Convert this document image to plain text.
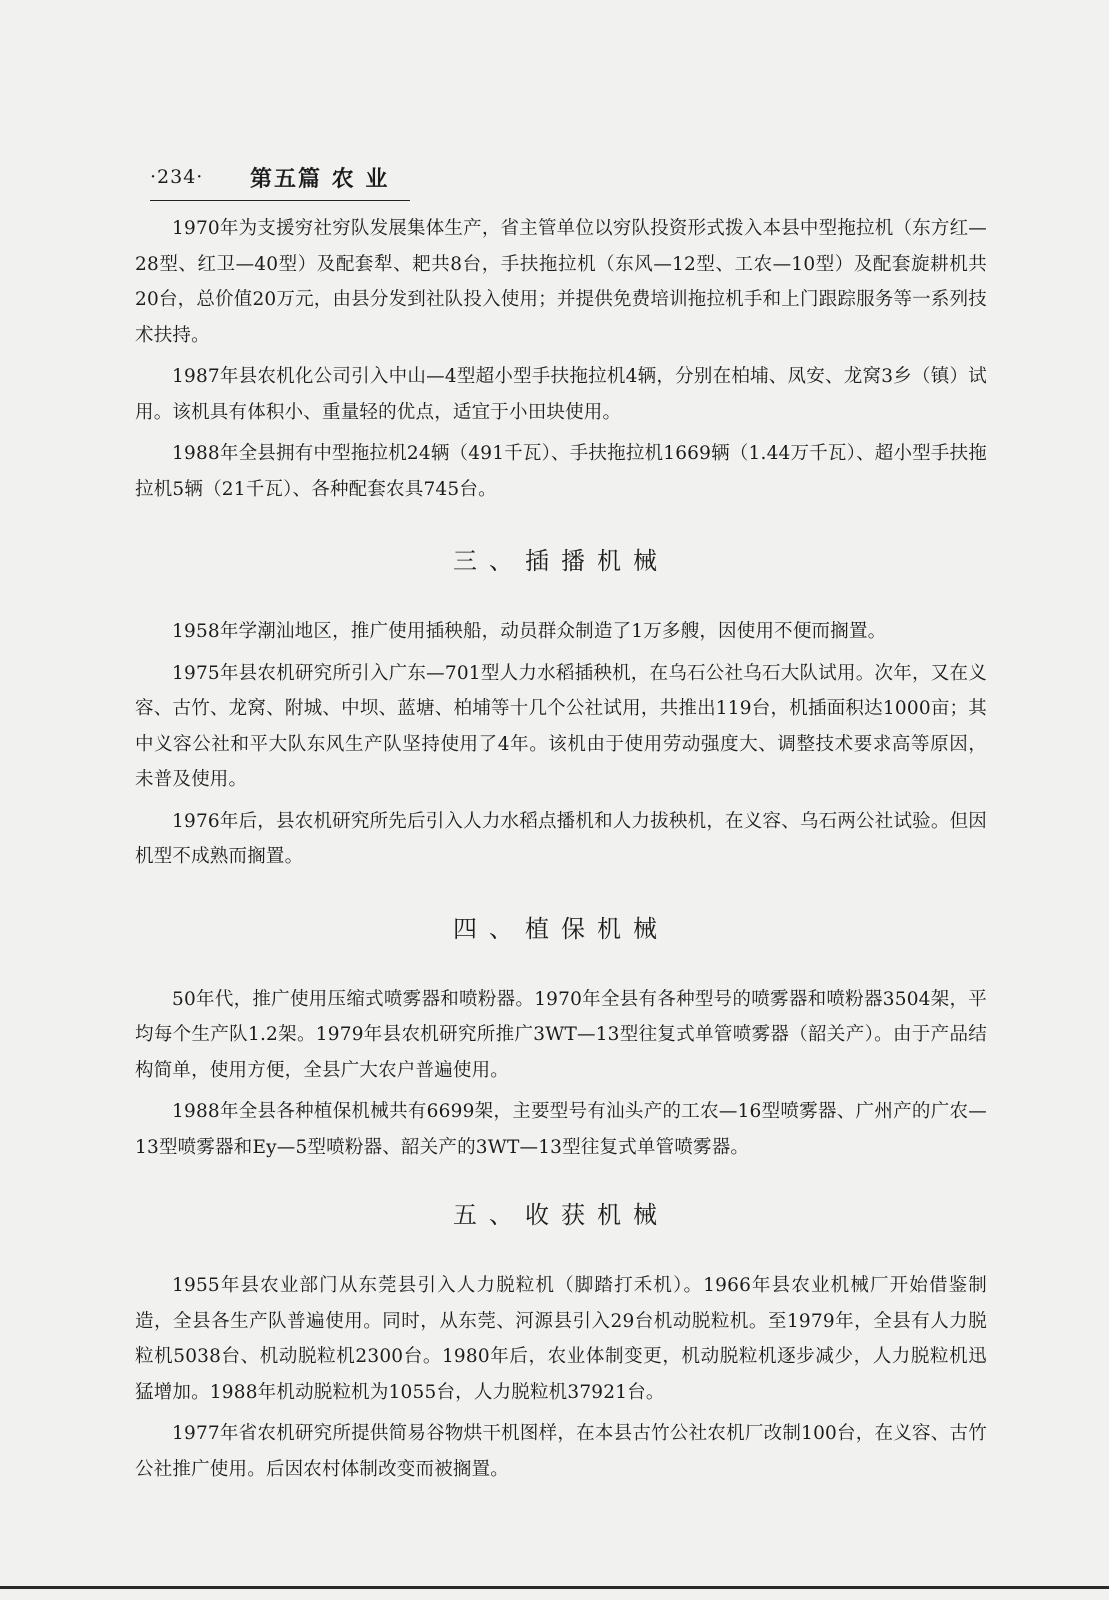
·234· 第五篇 农 业

1970年为支援穷社穷队发展集体生产，省主管单位以穷队投资形式拨入本县中型拖拉机（东方红—28型、红卫—40型）及配套犁、耙共8台，手扶拖拉机（东风—12型、工农—10型）及配套旋耕机共20台，总价值20万元，由县分发到社队投入使用；并提供免费培训拖拉机手和上门跟踪服务等一系列技术扶持。

1987年县农机化公司引入中山—4型超小型手扶拖拉机4辆，分别在柏埔、凤安、龙窝3乡（镇）试用。该机具有体积小、重量轻的优点，适宜于小田块使用。

1988年全县拥有中型拖拉机24辆（491千瓦）、手扶拖拉机1669辆（1.44万千瓦）、超小型手扶拖拉机5辆（21千瓦）、各种配套农具745台。

三、插播机械

1958年学潮汕地区，推广使用插秧船，动员群众制造了1万多艘，因使用不便而搁置。

1975年县农机研究所引入广东—701型人力水稻插秧机，在乌石公社乌石大队试用。次年，又在义容、古竹、龙窝、附城、中坝、蓝塘、柏埔等十几个公社试用，共推出119台，机插面积达1000亩；其中义容公社和平大队东风生产队坚持使用了4年。该机由于使用劳动强度大、调整技术要求高等原因，未普及使用。

1976年后，县农机研究所先后引入人力水稻点播机和人力拔秧机，在义容、乌石两公社试验。但因机型不成熟而搁置。

四、植保机械

50年代，推广使用压缩式喷雾器和喷粉器。1970年全县有各种型号的喷雾器和喷粉器3504架，平均每个生产队1.2架。1979年县农机研究所推广3WT—13型往复式单管喷雾器（韶关产）。由于产品结构简单，使用方便，全县广大农户普遍使用。

1988年全县各种植保机械共有6699架，主要型号有汕头产的工农—16型喷雾器、广州产的广农—13型喷雾器和Ey—5型喷粉器、韶关产的3WT—13型往复式单管喷雾器。

五、收获机械

1955年县农业部门从东莞县引入人力脱粒机（脚踏打禾机）。1966年县农业机械厂开始借鉴制造，全县各生产队普遍使用。同时，从东莞、河源县引入29台机动脱粒机。至1979年，全县有人力脱粒机5038台、机动脱粒机2300台。1980年后，农业体制变更，机动脱粒机逐步减少，人力脱粒机迅猛增加。1988年机动脱粒机为1055台，人力脱粒机37921台。

1977年省农机研究所提供简易谷物烘干机图样，在本县古竹公社农机厂改制100台，在义容、古竹公社推广使用。后因农村体制改变而被搁置。
